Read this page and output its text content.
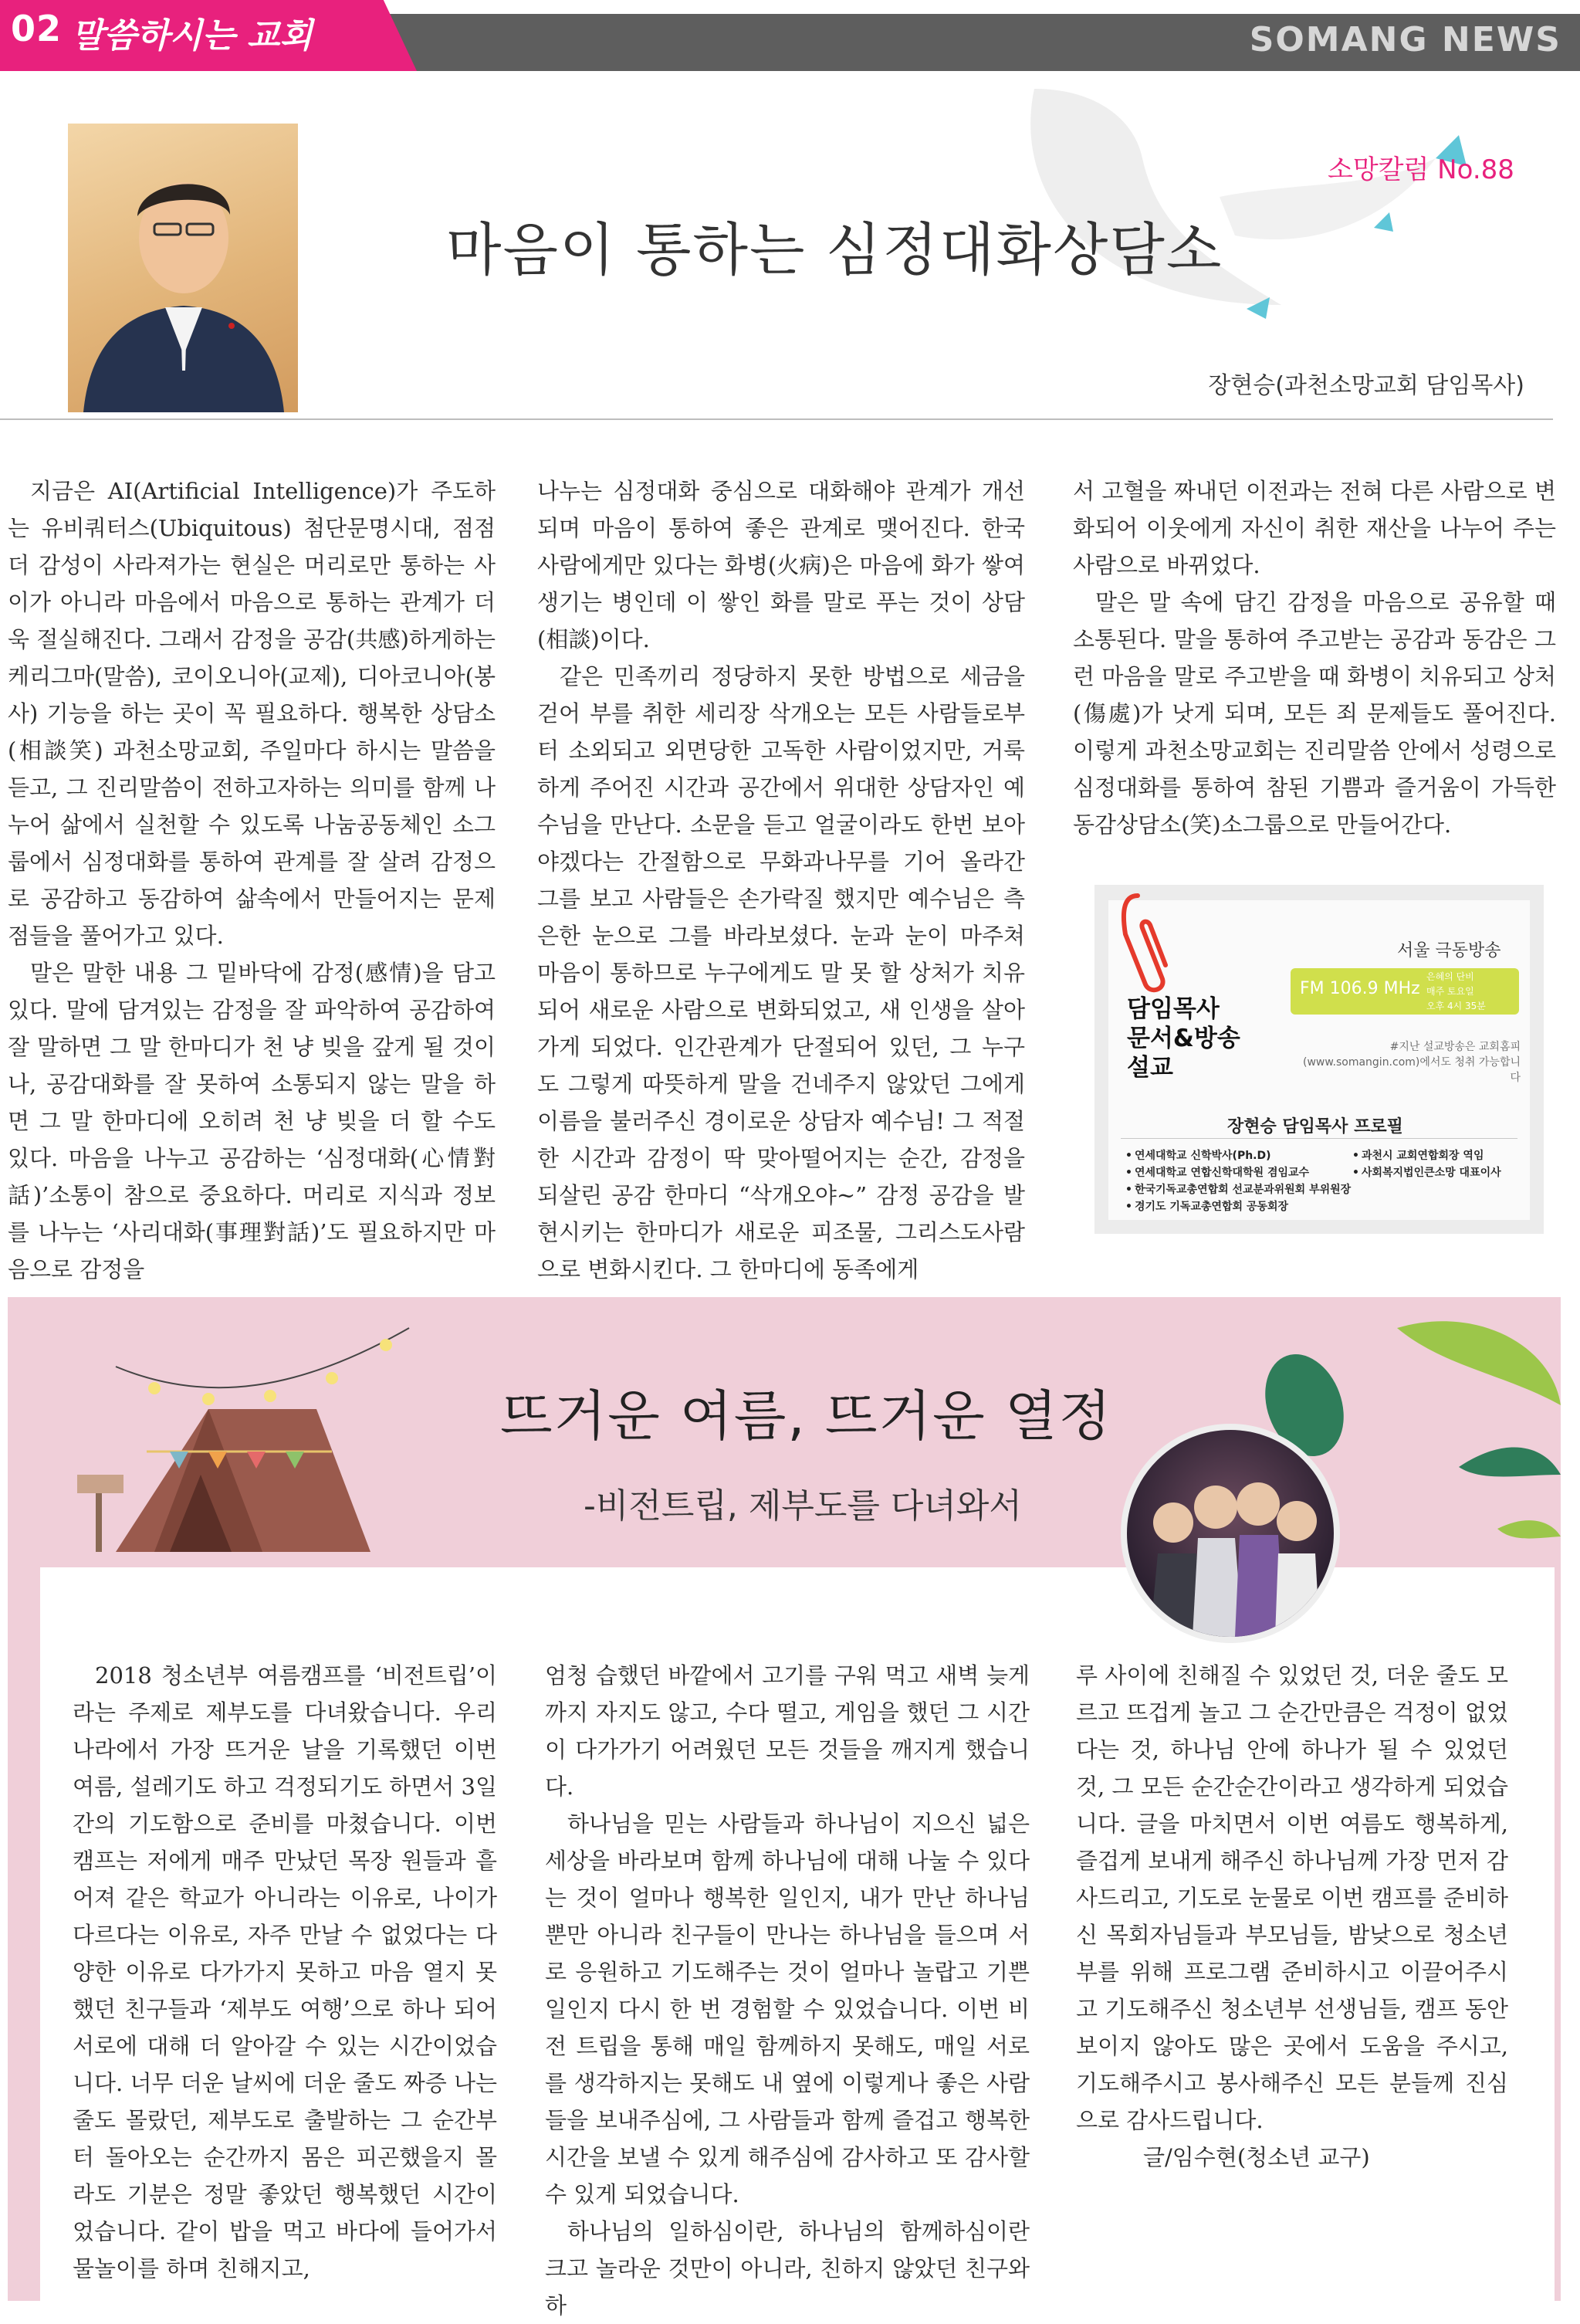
02 말씀하시는 교회	SOMANG NEWS
소망칼럼 No.88
마음이 통하는 심정대화상담소
장현승(과천소망교회 담임목사)

지금은 AI(Artificial Intelligence)가 주도하는 유비쿼터스(Ubiquitous) 첨단문명시대, 점점 더 감성이 사라져가는 현실은 머리로만 통하는 사이가 아니라 마음에서 마음으로 통하는 관계가 더욱 절실해진다. 그래서 감정을 공감(共感)하게하는 케리그마(말씀), 코이오니아(교제), 디아코니아(봉사) 기능을 하는 곳이 꼭 필요하다. 행복한 상담소(相談笑) 과천소망교회, 주일마다 하시는 말씀을 듣고, 그 진리말씀이 전하고자하는 의미를 함께 나누어 삶에서 실천할 수 있도록 나눔공동체인 소그룹에서 심정대화를 통하여 관계를 잘 살려 감정으로 공감하고 동감하여 삶속에서 만들어지는 문제점들을 풀어가고 있다.

말은 말한 내용 그 밑바닥에 감정(感情)을 담고 있다. 말에 담겨있는 감정을 잘 파악하여 공감하여 잘 말하면 그 말 한마디가 천 냥 빚을 갚게 될 것이나, 공감대화를 잘 못하여 소통되지 않는 말을 하면 그 말 한마디에 오히려 천 냥 빚을 더 할 수도 있다. 마음을 나누고 공감하는 ‘심정대화(心情對話)’소통이 참으로 중요하다. 머리로 지식과 정보를 나누는 ‘사리대화(事理對話)’도 필요하지만 마음으로 감정을

나누는 심정대화 중심으로 대화해야 관계가 개선되며 마음이 통하여 좋은 관계로 맺어진다. 한국 사람에게만 있다는 화병(火病)은 마음에 화가 쌓여 생기는 병인데 이 쌓인 화를 말로 푸는 것이 상담(相談)이다.

같은 민족끼리 정당하지 못한 방법으로 세금을 걷어 부를 취한 세리장 삭개오는 모든 사람들로부터 소외되고 외면당한 고독한 사람이었지만, 거룩하게 주어진 시간과 공간에서 위대한 상담자인 예수님을 만난다. 소문을 듣고 얼굴이라도 한번 보아야겠다는 간절함으로 무화과나무를 기어 올라간 그를 보고 사람들은 손가락질 했지만 예수님은 측은한 눈으로 그를 바라보셨다. 눈과 눈이 마주쳐 마음이 통하므로 누구에게도 말 못 할 상처가 치유되어 새로운 사람으로 변화되었고, 새 인생을 살아가게 되었다. 인간관계가 단절되어 있던, 그 누구도 그렇게 따뜻하게 말을 건네주지 않았던 그에게 이름을 불러주신 경이로운 상담자 예수님! 그 적절한 시간과 감정이 딱 맞아떨어지는 순간, 감정을 되살린 공감 한마디 “삭개오야~” 감정 공감을 발현시키는 한마디가 새로운 피조물, 그리스도사람으로 변화시킨다. 그 한마디에 동족에게

서 고혈을 짜내던 이전과는 전혀 다른 사람으로 변화되어 이웃에게 자신이 취한 재산을 나누어 주는 사람으로 바뀌었다.

말은 말 속에 담긴 감정을 마음으로 공유할 때 소통된다. 말을 통하여 주고받는 공감과 동감은 그런 마음을 말로 주고받을 때 화병이 치유되고 상처(傷處)가 낫게 되며, 모든 죄 문제들도 풀어진다. 이렇게 과천소망교회는 진리말씀 안에서 성령으로 심정대화를 통하여 참된 기쁨과 즐거움이 가득한 동감상담소(笑)소그룹으로 만들어간다.

서울 극동방송
FM 106.9 MHz
은혜의 단비
매주 토요일
오후 4시 35분
담임목사
문서&방송
설교
#지난 설교방송은 교회홈피 (www.somangin.com)에서도 청취 가능합니다
장현승 담임목사 프로필
• 연세대학교 신학박사(Ph.D)
• 연세대학교 연합신학대학원 겸임교수
• 한국기독교총연합회 선교분과위원회 부위원장
• 경기도 기독교총연합회 공동회장
• 과천시 교회연합회장 역임
• 사회복지법인큰소망 대표이사
뜨거운 여름, 뜨거운 열정
-비전트립, 제부도를 다녀와서

2018 청소년부 여름캠프를 ‘비전트립’이라는 주제로 제부도를 다녀왔습니다. 우리나라에서 가장 뜨거운 날을 기록했던 이번 여름, 설레기도 하고 걱정되기도 하면서 3일간의 기도함으로 준비를 마쳤습니다. 이번 캠프는 저에게 매주 만났던 목장 원들과 흩어져 같은 학교가 아니라는 이유로, 나이가 다르다는 이유로, 자주 만날 수 없었다는 다양한 이유로 다가가지 못하고 마음 열지 못했던 친구들과 ‘제부도 여행’으로 하나 되어 서로에 대해 더 알아갈 수 있는 시간이었습니다. 너무 더운 날씨에 더운 줄도 짜증 나는 줄도 몰랐던, 제부도로 출발하는 그 순간부터 돌아오는 순간까지 몸은 피곤했을지 몰라도 기분은 정말 좋았던 행복했던 시간이었습니다. 같이 밥을 먹고 바다에 들어가서 물놀이를 하며 친해지고,

엄청 습했던 바깥에서 고기를 구워 먹고 새벽 늦게까지 자지도 않고, 수다 떨고, 게임을 했던 그 시간이 다가가기 어려웠던 모든 것들을 깨지게 했습니다.

하나님을 믿는 사람들과 하나님이 지으신 넓은 세상을 바라보며 함께 하나님에 대해 나눌 수 있다는 것이 얼마나 행복한 일인지, 내가 만난 하나님뿐만 아니라 친구들이 만나는 하나님을 들으며 서로 응원하고 기도해주는 것이 얼마나 놀랍고 기쁜 일인지 다시 한 번 경험할 수 있었습니다. 이번 비전 트립을 통해 매일 함께하지 못해도, 매일 서로를 생각하지는 못해도 내 옆에 이렇게나 좋은 사람들을 보내주심에, 그 사람들과 함께 즐겁고 행복한 시간을 보낼 수 있게 해주심에 감사하고 또 감사할 수 있게 되었습니다.

하나님의 일하심이란, 하나님의 함께하심이란 크고 놀라운 것만이 아니라, 친하지 않았던 친구와 하

루 사이에 친해질 수 있었던 것, 더운 줄도 모르고 뜨겁게 놀고 그 순간만큼은 걱정이 없었다는 것, 하나님 안에 하나가 될 수 있었던 것, 그 모든 순간순간이라고 생각하게 되었습니다. 글을 마치면서 이번 여름도 행복하게, 즐겁게 보내게 해주신 하나님께 가장 먼저 감사드리고, 기도로 눈물로 이번 캠프를 준비하신 목회자님들과 부모님들, 밤낮으로 청소년부를 위해 프로그램 준비하시고 이끌어주시고 기도해주신 청소년부 선생님들, 캠프 동안 보이지 않아도 많은 곳에서 도움을 주시고, 기도해주시고 봉사해주신 모든 분들께 진심으로 감사드립니다.

글/임수현(청소년 교구)
